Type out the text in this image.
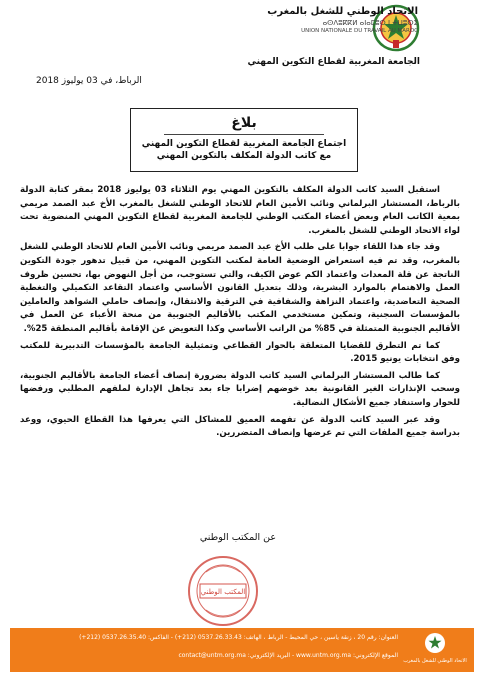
الاتحاد الوطني للشغل بالمغرب
ⴰⵙⴷⵓⴽⴽⵍ ⴰⵏⴰⵎⵓⵔ ⵏ ⵜⵡⵓⵔⵉ
UNION NATIONALE DU TRAVAIL AU MAROC
الجامعة المغربية لقطاع التكوين المهني
الرباط، في 03 يوليوز 2018
بلاغ
اجتماع الجامعة المغربية لقطاع التكوين المهني
مع كاتب الدولة المكلف بالتكوين المهني

استقبل السيد كاتب الدولة المكلف بالتكوين المهني يوم الثلاثاء 03 يوليوز 2018 بمقر كتابة الدولة بالرباط، المستشار البرلماني ونائب الأمين العام للاتحاد الوطني للشغل بالمغرب الأخ عبد الصمد مريمي بمعية الكاتب العام وبعض أعضاء المكتب الوطني للجامعة المغربية لقطاع التكوين المهني المنضوية تحت لواء الاتحاد الوطني للشغل بالمغرب.

وقد جاء هذا اللقاء جوابا على طلب الأخ عبد الصمد مريمي ونائب الأمين العام للاتحاد الوطني للشغل بالمغرب، وقد تم فيه استعراض الوضعية العامة لمكتب التكوين المهني، من قبيل تدهور جودة التكوين الناتجة عن قلة المعدات واعتماد الكم عوض الكيف، والتي تستوجب، من أجل النهوض بها، تحسين ظروف العمل والاهتمام بالموارد البشرية، وذلك بتعديل القانون الأساسي واعتماد التقاعد التكميلي والتغطية الصحية التعاضدية، واعتماد النزاهة والشفافية في الترقية والانتقال، وإنصاف حاملي الشواهد والعاملين بالمؤسسات السجنية، وتمكين مستخدمي المكتب بالأقاليم الجنوبية من منحة الأعباء عن العمل في الأقاليم الجنوبية المتمثلة في 85% من الراتب الأساسي وكذا التعويض عن الإقامة بأقاليم المنطقة 25%.

كما تم التطرق للقضايا المتعلقة بالحوار القطاعي وتمثيلية الجامعة بالمؤسسات التدبيرية للمكتب وفق انتخابات يونيو 2015.

كما طالب المستشار البرلماني السيد كاتب الدولة بضرورة إنصاف أعضاء الجامعة بالأقاليم الجنوبية، وسحب الإنذارات الغير القانونية بعد خوضهم إضرابا جاء بعد تجاهل الإدارة لملفهم المطلبي ورفضها للحوار واستنفاد جميع الأشكال النضالية.

وقد عبر السيد كاتب الدولة عن تفهمه العميق للمشاكل التي يعرفها هذا القطاع الحيوي، ووعد بدراسة جميع الملفات التي تم عرضها وإنصاف المتضررين.

عن المكتب الوطني
المكتب الوطني
الاتحاد الوطني للشغل بالمغرب
العنوان: رقم 20 ، زنقة ياسين ، حي المحيط - الرباط ، الهاتف: 0537.26.33.43 (212+) - الفاكس: 0537.26.35.40 (212+)
الموقع الإلكتروني: www.untm.org.ma - البريد الإلكتروني: contact@untm.org.ma
